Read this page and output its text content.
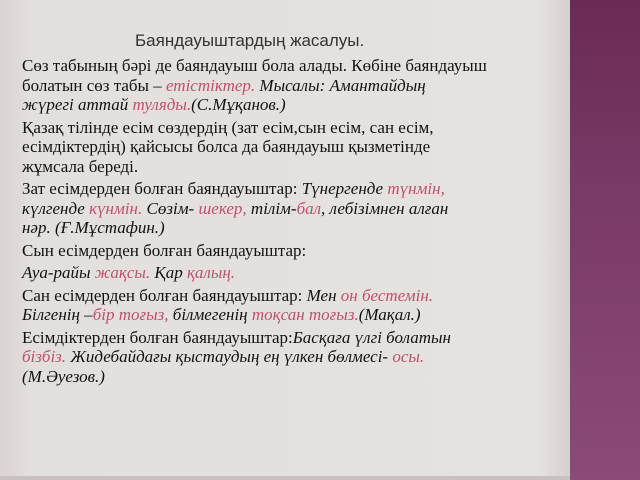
Баяндауыштардың жасалуы.

Сөз табының бәрі де баяндауыш бола алады. Көбіне баяндауыш
болатын сөз табы – етістіктер. Мысалы: Амантайдың
жүрегі аттай туляды.(С.Мұқанов.)

Қазақ тілінде есім сөздердің (зат есім,сын есім, сан есім,
есімдіктердің) қайсысы болса да баяндауыш қызметінде
жұмсала береді.

Зат есімдерден болған баяндауыштар: Түнергенде түнмін,
күлгенде күнмін. Сөзім- шекер, тілім-бал, лебізімнен алған
нәр. (Ғ.Мұстафин.)

Сын есімдерден болған баяндауыштар:

Ауа-райы жақсы. Қар қалың.

Сан есімдерден болған баяндауыштар: Мен он бестемін.
Білгенің –бір тоғыз, білмегенің тоқсан тоғыз.(Мақал.)

Есімдіктерден болған баяндауыштар:Басқаға үлгі болатын
бізбіз. Жидебайдағы қыстаудың ең үлкен бөлмесі- осы.
(М.Әуезов.)
